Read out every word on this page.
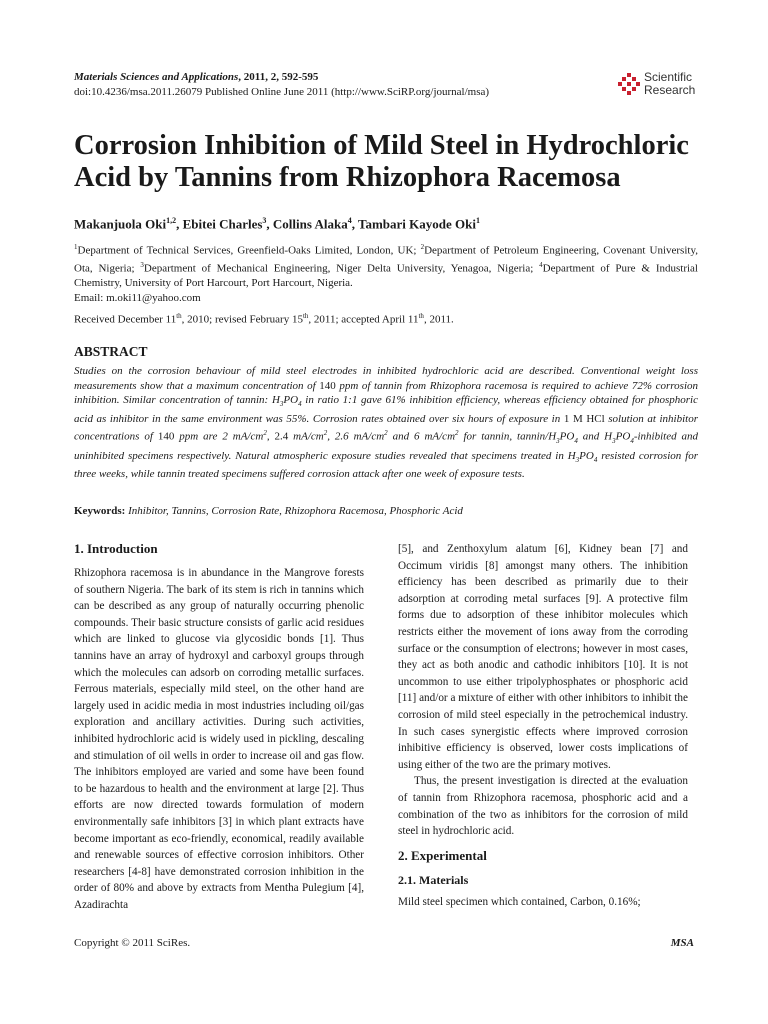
Materials Sciences and Applications, 2011, 2, 592-595
doi:10.4236/msa.2011.26079 Published Online June 2011 (http://www.SciRP.org/journal/msa)
Scientific
Research
Corrosion Inhibition of Mild Steel in Hydrochloric Acid by Tannins from Rhizophora Racemosa
Makanjuola Oki$^{1,2}$, Ebitei Charles$^3$, Collins Alaka$^4$, Tambari Kayode Oki$^1$
$^1$Department of Technical Services, Greenfield-Oaks Limited, London, UK; $^2$Department of Petroleum Engineering, Covenant University, Ota, Nigeria; $^3$Department of Mechanical Engineering, Niger Delta University, Yenagoa, Nigeria; $^4$Department of Pure & Industrial Chemistry, University of Port Harcourt, Port Harcourt, Nigeria.
Email: m.oki11@yahoo.com
Received December 11th, 2010; revised February 15th, 2011; accepted April 11th, 2011.
ABSTRACT
Studies on the corrosion behaviour of mild steel electrodes in inhibited hydrochloric acid are described. Conventional weight loss measurements show that a maximum concentration of 140 ppm of tannin from Rhizophora racemosa is required to achieve 72% corrosion inhibition. Similar concentration of tannin: $H_3PO_4$ in ratio 1:1 gave 61% inhibition efficiency, whereas efficiency obtained for phosphoric acid as inhibitor in the same environment was 55%. Corrosion rates obtained over six hours of exposure in 1 M HCl solution at inhibitor concentrations of 140 ppm are 2 $mA/cm^2$, 2.4 $mA/cm^2$, 2.6 $mA/cm^2$ and 6 $mA/cm^2$ for tannin, tannin/$H_3PO_4$ and $H_3PO_4$-inhibited and uninhibited specimens respectively. Natural atmospheric exposure studies revealed that specimens treated in $H_3PO_4$ resisted corrosion for three weeks, while tannin treated specimens suffered corrosion attack after one week of exposure tests.
Keywords: Inhibitor, Tannins, Corrosion Rate, Rhizophora Racemosa, Phosphoric Acid
1. Introduction

Rhizophora racemosa is in abundance in the Mangrove forests of southern Nigeria. The bark of its stem is rich in tannins which can be described as any group of naturally occurring phenolic compounds. Their basic structure consists of garlic acid residues which are linked to glucose via glycosidic bonds [1]. Thus tannins have an array of hydroxyl and carboxyl groups through which the molecules can adsorb on corroding metallic surfaces. Ferrous materials, especially mild steel, on the other hand are largely used in acidic media in most industries including oil/gas exploration and ancillary activities. During such activities, inhibited hydrochloric acid is widely used in pickling, descaling and stimulation of oil wells in order to increase oil and gas flow. The inhibitors employed are varied and some have been found to be hazardous to health and the environment at large [2]. Thus efforts are now directed towards formulation of modern environmentally safe inhibitors [3] in which plant extracts have become important as eco-friendly, economical, readily available and renewable sources of effective corrosion inhibitors. Other researchers [4-8] have demonstrated corrosion inhibition in the order of 80% and above by extracts from Mentha Pulegium [4], Azadirachta

[5], and Zenthoxylum alatum [6], Kidney bean [7] and Occimum viridis [8] amongst many others. The inhibition efficiency has been described as primarily due to their adsorption at corroding metal surfaces [9]. A protective film forms due to adsorption of these inhibitor molecules which restricts either the movement of ions away from the corroding surface or the consumption of electrons; however in most cases, they act as both anodic and cathodic inhibitors [10]. It is not uncommon to use either tripolyphosphates or phosphoric acid [11] and/or a mixture of either with other inhibitors to inhibit the corrosion of mild steel especially in the petrochemical industry. In such cases synergistic effects where improved corrosion inhibitive efficiency is observed, lower costs implications of using either of the two are the primary motives.

Thus, the present investigation is directed at the evaluation of tannin from Rhizophora racemosa, phosphoric acid and a combination of the two as inhibitors for the corrosion of mild steel in hydrochloric acid.

2. Experimental
2.1. Materials

Mild steel specimen which contained, Carbon, 0.16%;

Copyright © 2011 SciRes.	MSA
